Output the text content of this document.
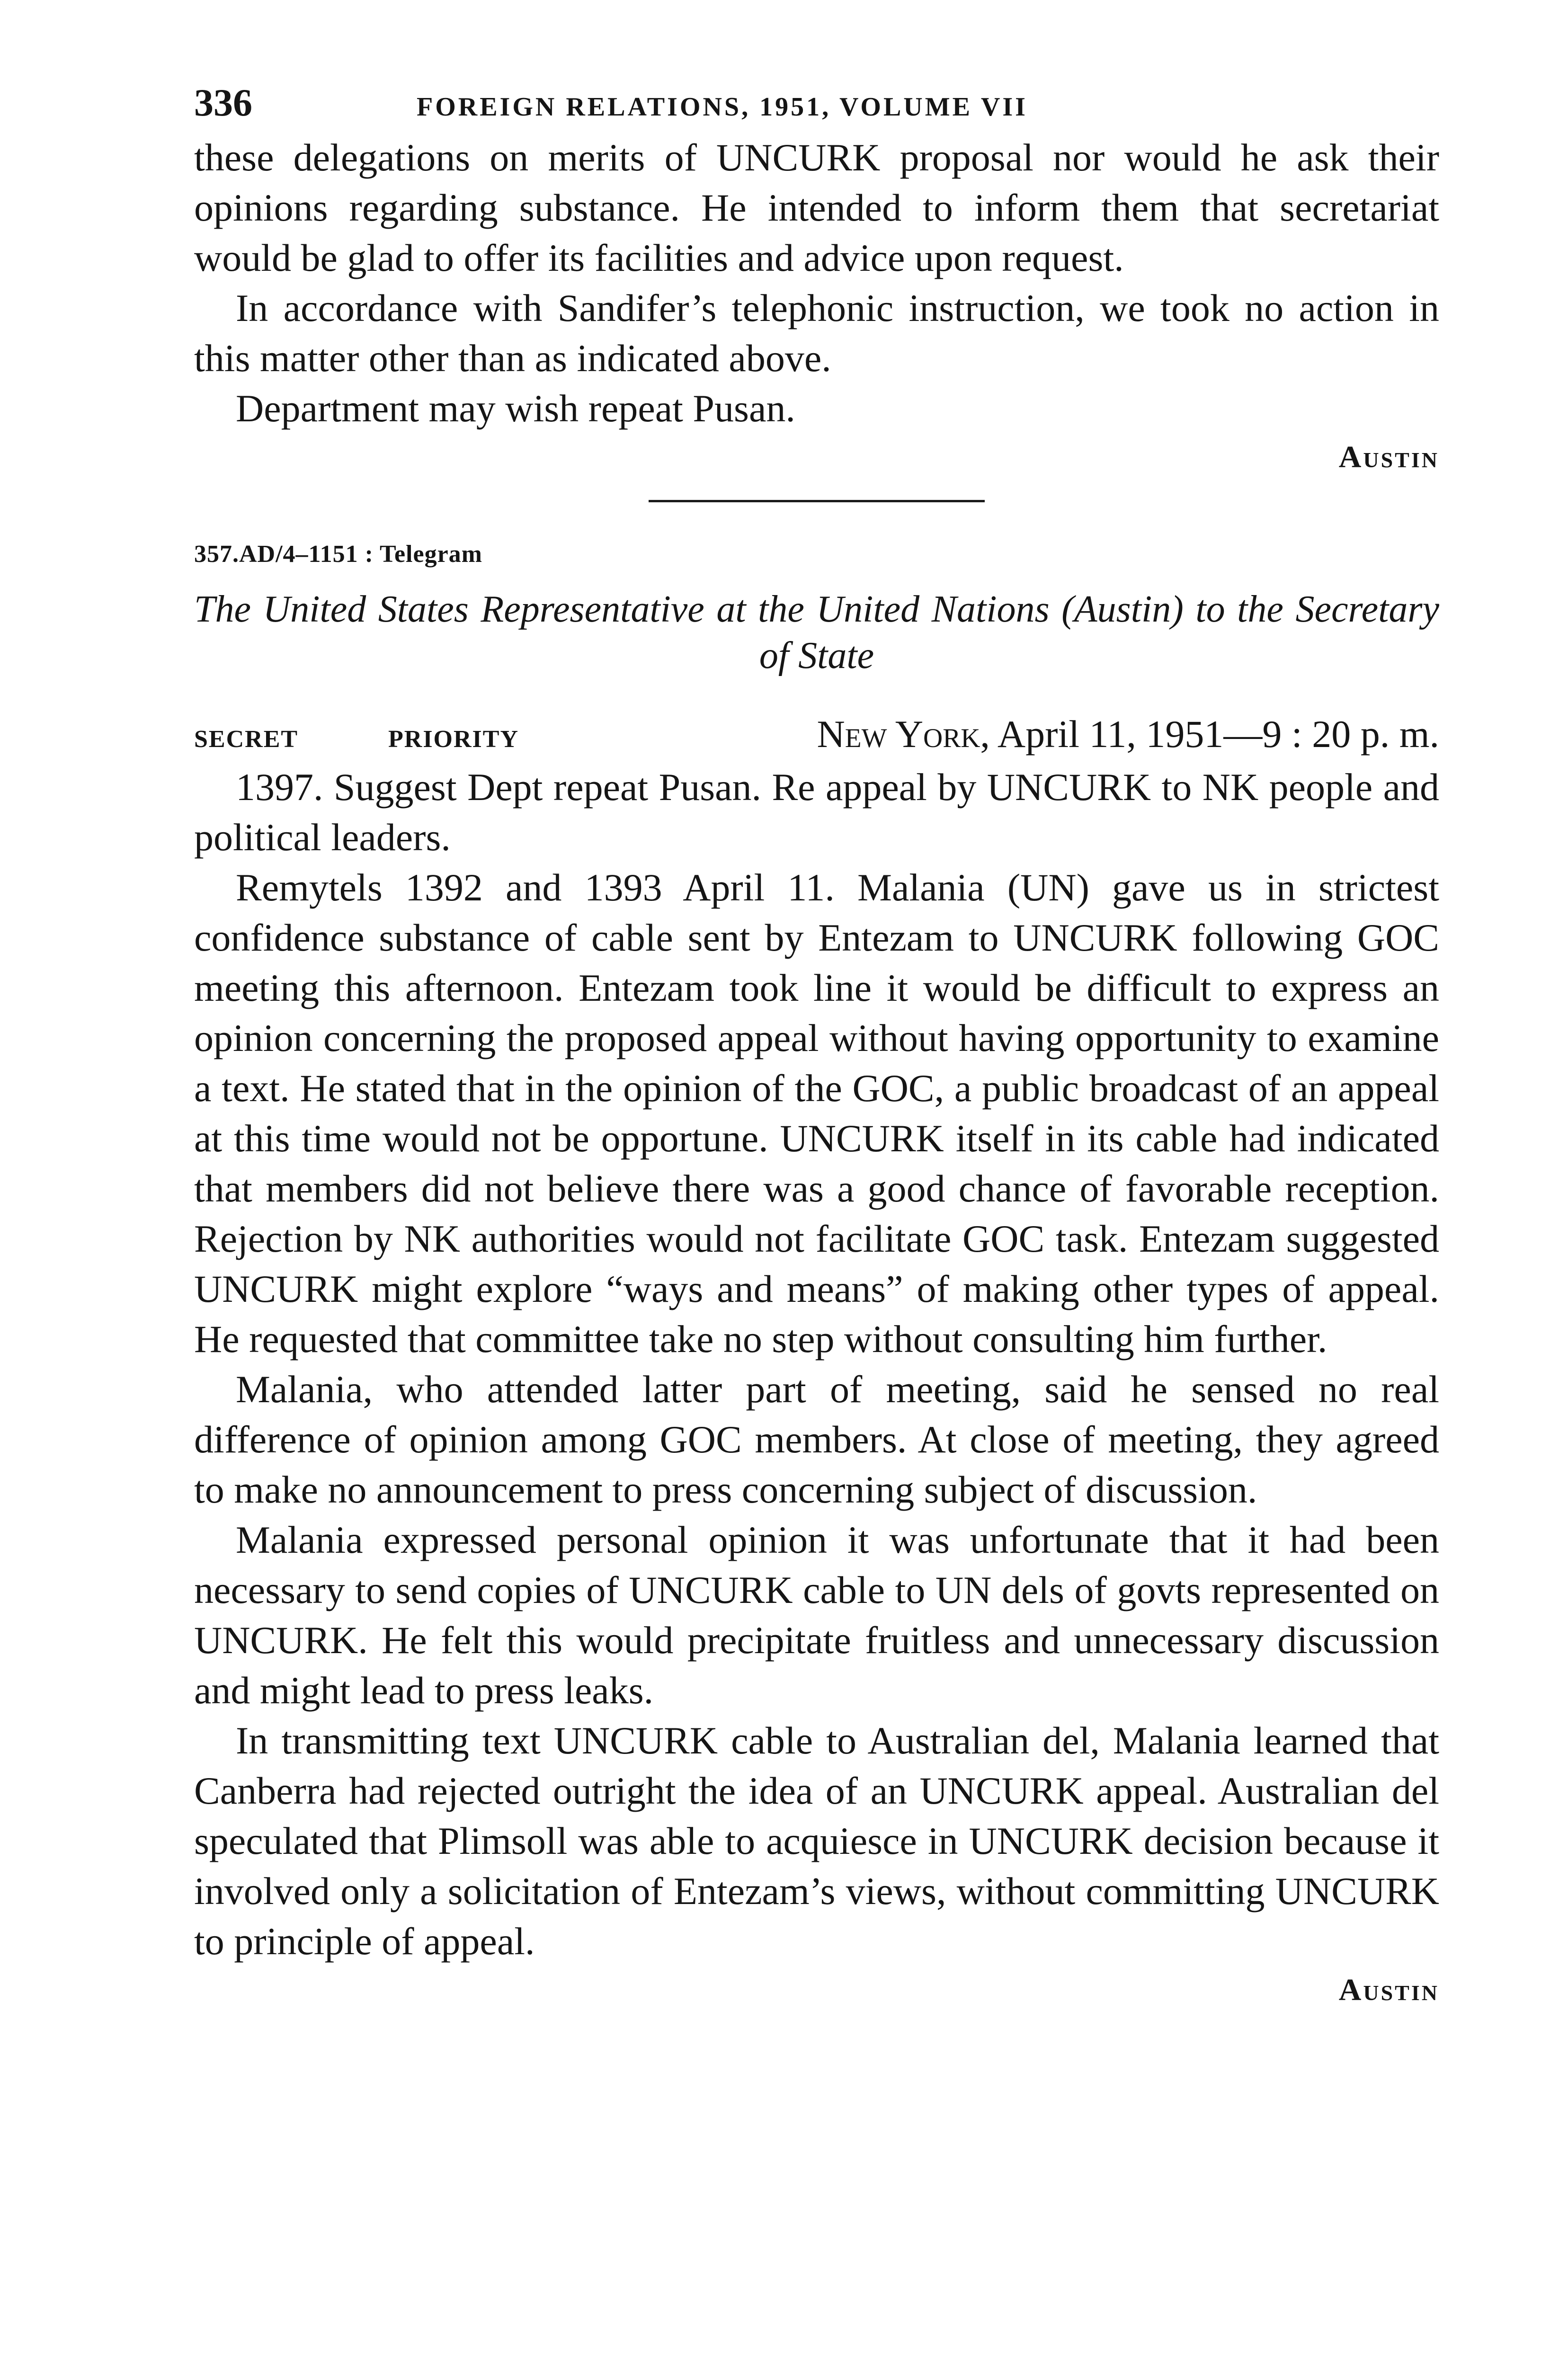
336	FOREIGN RELATIONS, 1951, VOLUME VII

these delegations on merits of UNCURK proposal nor would he ask their opinions regarding substance. He intended to inform them that secretariat would be glad to offer its facilities and advice upon request.

In accordance with Sandifer’s telephonic instruction, we took no action in this matter other than as indicated above.

Department may wish repeat Pusan.

Austin
357.AD/4–1151 : Telegram
The United States Representative at the United Nations (Austin) to the Secretary of State
SECRET	PRIORITY	New York, April 11, 1951—9 : 20 p. m.

1397. Suggest Dept repeat Pusan. Re appeal by UNCURK to NK people and political leaders.

Remytels 1392 and 1393 April 11. Malania (UN) gave us in strictest confidence substance of cable sent by Entezam to UNCURK following GOC meeting this afternoon. Entezam took line it would be difficult to express an opinion concerning the proposed appeal without having opportunity to examine a text. He stated that in the opinion of the GOC, a public broadcast of an appeal at this time would not be opportune. UNCURK itself in its cable had indicated that members did not believe there was a good chance of favorable reception. Rejection by NK authorities would not facilitate GOC task. Entezam suggested UNCURK might explore “ways and means” of making other types of appeal. He requested that committee take no step without consulting him further.

Malania, who attended latter part of meeting, said he sensed no real difference of opinion among GOC members. At close of meeting, they agreed to make no announcement to press concerning subject of discussion.

Malania expressed personal opinion it was unfortunate that it had been necessary to send copies of UNCURK cable to UN dels of govts represented on UNCURK. He felt this would precipitate fruitless and unnecessary discussion and might lead to press leaks.

In transmitting text UNCURK cable to Australian del, Malania learned that Canberra had rejected outright the idea of an UNCURK appeal. Australian del speculated that Plimsoll was able to acquiesce in UNCURK decision because it involved only a solicitation of Entezam’s views, without committing UNCURK to principle of appeal.

Austin
